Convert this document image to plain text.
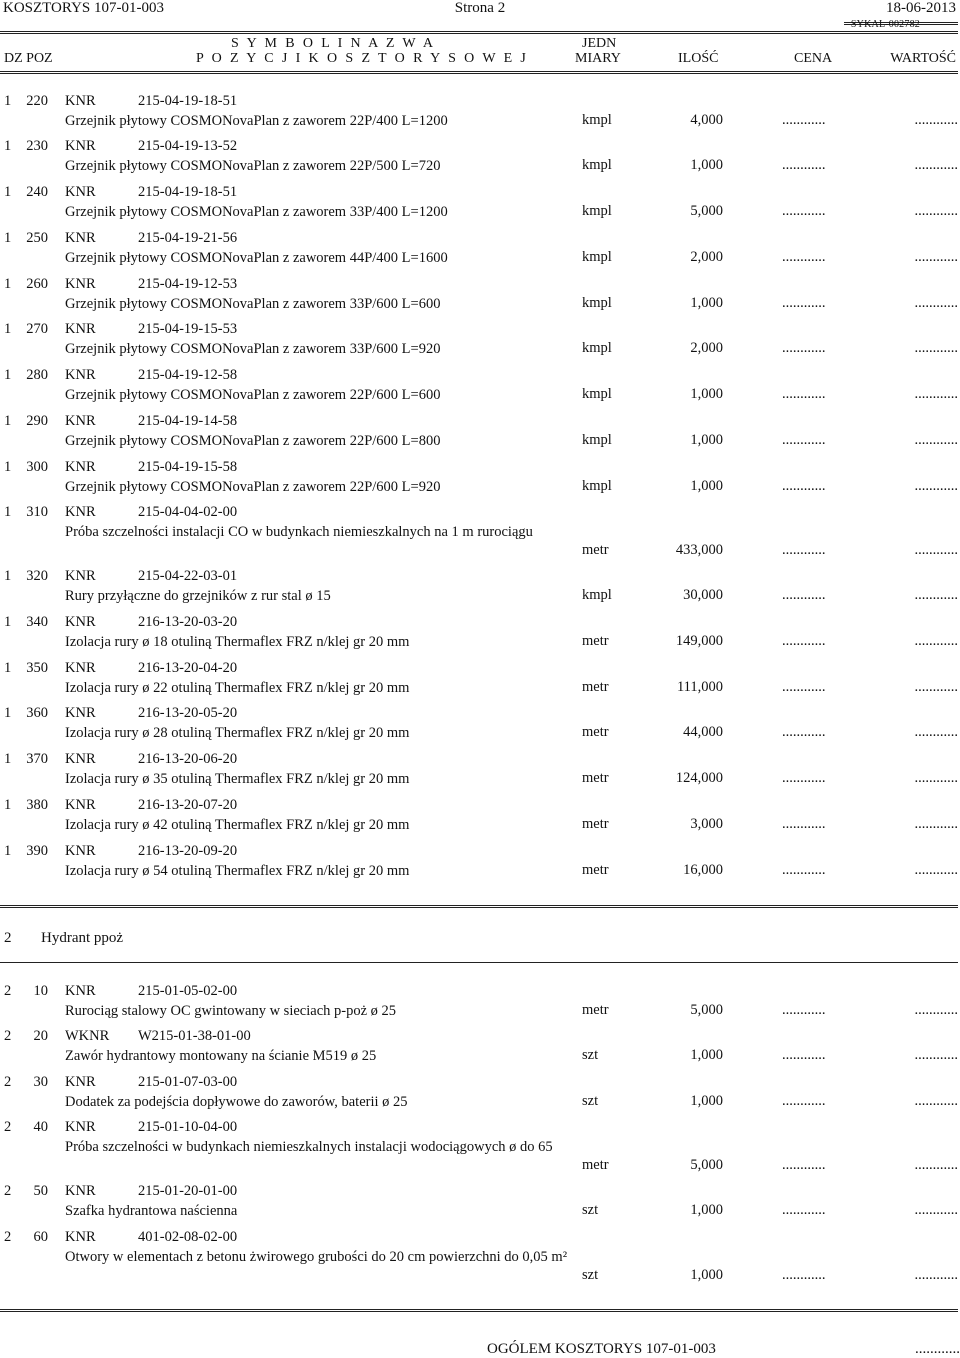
KOSZTORYS 107-01-003	Strona 2	18-06-2013
SYKAL-002782
DZ POZ
S Y M B O L I N A Z W A
P O Z Y C J I K O S Z T O R Y S O W E J
JEDN
MIARY	ILOŚĆ	CENA	WARTOŚĆ
1 220 KNR	215-04-19-18-51
Grzejnik płytowy COSMONovaPlan z zaworem 22P/400 L=1200	kmpl	4,000	............	............
1 230 KNR	215-04-19-13-52
Grzejnik płytowy COSMONovaPlan z zaworem 22P/500 L=720	kmpl	1,000	............	............
1 240 KNR	215-04-19-18-51
Grzejnik płytowy COSMONovaPlan z zaworem 33P/400 L=1200	kmpl	5,000	............	............
1 250 KNR	215-04-19-21-56
Grzejnik płytowy COSMONovaPlan z zaworem 44P/400 L=1600	kmpl	2,000	............	............
1 260 KNR	215-04-19-12-53
Grzejnik płytowy COSMONovaPlan z zaworem 33P/600 L=600	kmpl	1,000	............	............
1 270 KNR	215-04-19-15-53
Grzejnik płytowy COSMONovaPlan z zaworem 33P/600 L=920	kmpl	2,000	............	............
1 280 KNR	215-04-19-12-58
Grzejnik płytowy COSMONovaPlan z zaworem 22P/600 L=600	kmpl	1,000	............	............
1 290 KNR	215-04-19-14-58
Grzejnik płytowy COSMONovaPlan z zaworem 22P/600 L=800	kmpl	1,000	............	............
1 300 KNR	215-04-19-15-58
Grzejnik płytowy COSMONovaPlan z zaworem 22P/600 L=920	kmpl	1,000	............	............
1 310 KNR	215-04-04-02-00
Próba szczelności instalacji CO w budynkach niemieszkalnych na 1 m rurociągu
metr	433,000	............	............
1 320 KNR	215-04-22-03-01
Rury przyłączne do grzejników z rur stal ø 15	kmpl	30,000	............	............
1 340 KNR	216-13-20-03-20
Izolacja rury ø 18 otuliną Thermaflex FRZ n/klej gr 20 mm	metr	149,000	............	............
1 350 KNR	216-13-20-04-20
Izolacja rury ø 22 otuliną Thermaflex FRZ n/klej gr 20 mm	metr	111,000	............	............
1 360 KNR	216-13-20-05-20
Izolacja rury ø 28 otuliną Thermaflex FRZ n/klej gr 20 mm	metr	44,000	............	............
1 370 KNR	216-13-20-06-20
Izolacja rury ø 35 otuliną Thermaflex FRZ n/klej gr 20 mm	metr	124,000	............	............
1 380 KNR	216-13-20-07-20
Izolacja rury ø 42 otuliną Thermaflex FRZ n/klej gr 20 mm	metr	3,000	............	............
1 390 KNR	216-13-20-09-20
Izolacja rury ø 54 otuliną Thermaflex FRZ n/klej gr 20 mm	metr	16,000	............	............
2 Hydrant ppoż
2	10 KNR	215-01-05-02-00
Rurociąg stalowy OC gwintowany w sieciach p-poż ø 25	metr	5,000	............	............
2	20 WKNR W215-01-38-01-00
Zawór hydrantowy montowany na ścianie M519 ø 25	szt	1,000	............	............
2	30 KNR	215-01-07-03-00
Dodatek za podejścia dopływowe do zaworów, baterii ø 25	szt	1,000	............	............
2	40 KNR	215-01-10-04-00
Próba szczelności w budynkach niemieszkalnych instalacji wodociągowych ø do 65
metr	5,000	............	............
2	50 KNR	215-01-20-01-00
Szafka hydrantowa naścienna	szt	1,000	............	............
2	60 KNR	401-02-08-02-00
Otwory w elementach z betonu żwirowego grubości do 20 cm powierzchni do 0,05 m²
szt	1,000	............	............
OGÓLEM KOSZTORYS 107-01-003	............
